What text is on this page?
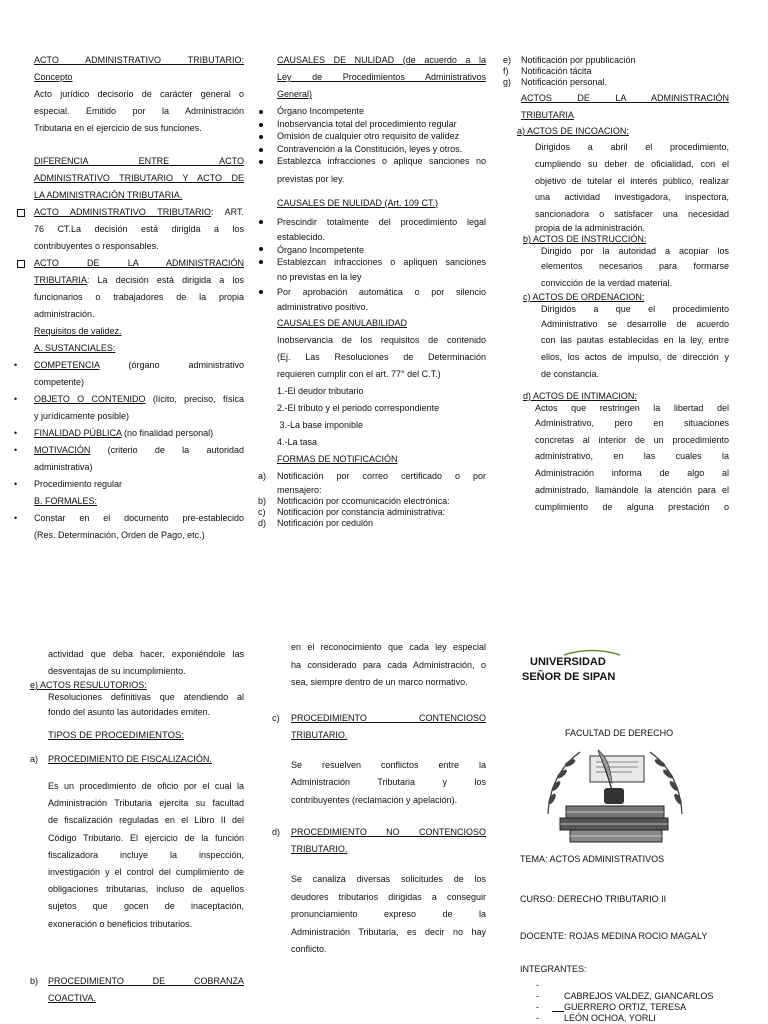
ACTO ADMINISTRATIVO TRIBUTARIO:
Concepto
Acto jurídico decisorio de carácter general o
especial. Emitido por la Administración
Tributaria en el ejercicio de sus funciones.
DIFERENCIA ENTRE ACTO
ADMINISTRATIVO TRIBUTARIO Y ACTO DE
LA ADMINISTRACIÓN TRIBUTARIA.
ACTO ADMINISTRATIVO TRIBUTARIO: ART.
76 CT.La decisión está dirigida a los
contribuyentes o responsables.
ACTO DE LA ADMINISTRACIÓN
TRIBUTARIA: La decisión está dirigida a los
funcionarios o trabajadores de la propia
administración.
Requisitos de validez.
A. SUSTANCIALES:
• COMPETENCIA (órgano administrativo
competente)
• OBJETO O CONTENIDO (lícito, preciso, física
y jurídicamente posible)
• FINALIDAD PÚBLICA (no finalidad personal)
• MOTIVACIÓN (criterio de la autoridad
administrativa)
• Procedimiento regular
B. FORMALES:
• Constar en el documento pre-establecido
(Res. Determinación, Orden de Pago, etc.)
CAUSALES DE NULIDAD (de acuerdo a la
Ley de Procedimientos Administrativos
General)
Órgano Incompetente
Inobservancia total del procedimiento regular
Omisión de cualquier otro requisito de validez
Contravención a la Constitución, leyes y otros.
Establezca infracciones o aplique sanciones no
previstas por ley.
CAUSALES DE NULIDAD (Art. 109 CT.)
Prescindir totalmente del procedimiento legal
establecido.
Órgano Incompetente
Establezcan infracciones o apliquen sanciones
no previstas en la ley
Por aprobación automática o por silencio
administrativo positivo.
CAUSALES DE ANULABILIDAD
Inobservancia de los requisitos de contenido
(Ej. Las Resoluciones de Determinación
requieren cumplir con el art. 77° del C.T.)
1.-El deudor tributario
2.-El tributo y el periodo correspondiente
3.-La base imponible
4.-La tasa
FORMAS DE NOTIFICACIÓN
a)	Notificación por correo certificado o por
mensajero:
b)	Notificación por ccomunicación electrónica:
c)	Notificación por constancia administrativa:
d)	Notificación por cedulón
e)	Notificación por ppublicación
f)	Notificación tácita
g)	Notificación personal.
ACTOS DE LA ADMINISTRACIÓN
TRIBUTARIA
a) ACTOS DE INCOACION:
Dirigidos a abril el procedimiento,
cumpliendo su deber de oficialidad, con el
objetivo de tutelar el interés público, realizar
una actividad investigadora, inspectora,
sancionadora o satisfacer una necesidad
propia de la administración.
b) ACTOS DE INSTRUCCIÓN:
Dirigido por la autoridad a acopiar los
elementos necesarios para formarse
convicción de la verdad material.
c) ACTOS DE ORDENACION:
Dirigidos a que el procedimiento
Administrativo se desarrolle de acuerdo
con las pautas establecidas en la ley, entre
ellos, los actos de impulso, de dirección y
de constancia.
d) ACTOS DE INTIMACION:
Actos que restringen la libertad del
Administrativo, pero en situaciones
concretas al interior de un procedimiento
administrativo, en las cuales la
Administración informa de algo al
administrado, llamándole la atención para el
cumplimiento de alguna prestación o
actividad que deba hacer, exponiéndole las
desventajas de su incumplimiento.
e) ACTOS RESULUTORIOS:
Resoluciones definitivas que atendiendo al
fondo del asunto las autoridades emiten.
TIPOS DE PROCEDIMIENTOS:
a)	PROCEDIMIENTO DE FISCALIZACIÓN.
Es un procedimiento de oficio por el cual la
Administración Tributaria ejercita su facultad
de fiscalización reguladas en el Libro II del
Código Tributario. El ejercicio de la función
fiscalizadora incluye la inspección,
investigación y el control del cumplimiento de
obligaciones tributarias, incluso de aquellos
sujetos que gocen de inaceptación,
exoneración o beneficios tributarios.
b)	PROCEDIMIENTO DE COBRANZA
COACTIVA.
en el reconocimiento que cada ley especial
ha considerado para cada Administración, o
sea, siempre dentro de un marco normativo.
c)	PROCEDIMIENTO CONTENCIOSO
TRIBUTARIO.
Se resuelven conflictos entre la
Administración Tributaria y los
contribuyentes (reclamación y apelación).
d)	PROCEDIMIENTO NO CONTENCIOSO
TRIBUTARIO.
Se canaliza diversas solicitudes de los
deudores tributarios dirigidas a conseguir
pronunciamiento expreso de la
Administración Tributaria, es decir no hay
conflicto.
UNIVERSIDAD
SEÑOR DE SIPAN
FACULTAD DE DERECHO
TEMA: ACTOS ADMINISTRATIVOS
CURSO: DERECHO TRIBUTARIO II
DOCENTE: ROJAS MEDINA ROCIO MAGALY
INTEGRANTES:
-
-	CABREJOS VALDEZ, GIANCARLOS
-	GUERRERO ORTIZ, TERESA
-	LEÓN OCHOA, YORLI
